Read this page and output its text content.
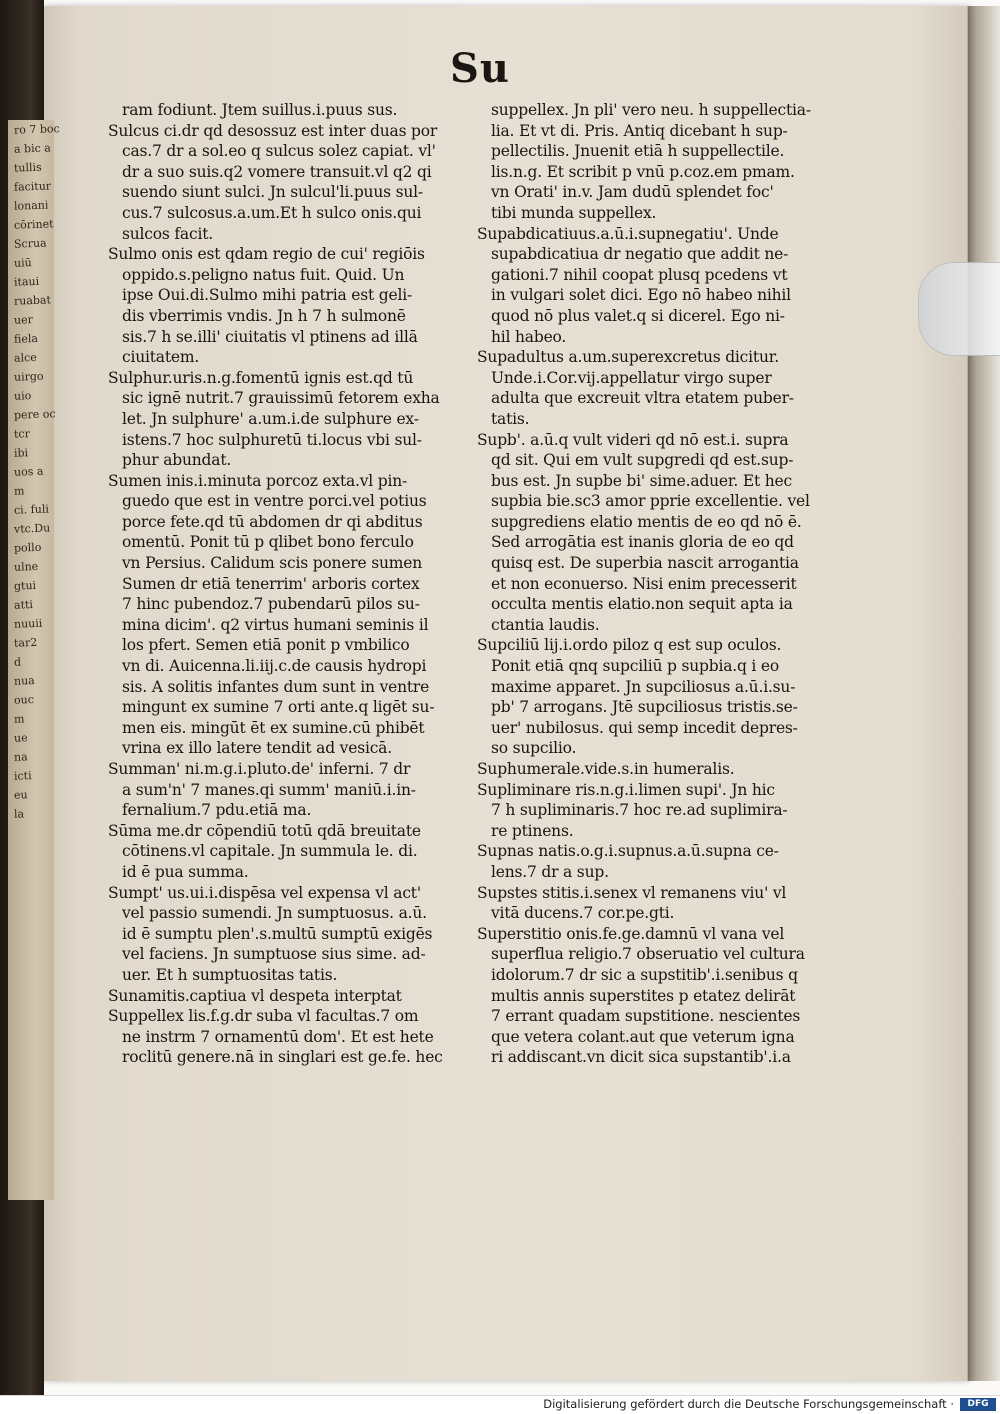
ro 7 boc
a bic a
tullis
facitur
lonani
cōrinet
Scrua
uiū
itaui
ruabat
uer
fiela
alce
uirgo
uio
pere oc
tcr
ibi
uos a
m
ci. fuli
vtc.Du
pollo
ulne
gtui
atti
nuuii
tar2
d
nua
ouc
m
ue
na
icti
eu
la
Su
ram fodiunt. Jtem suillus.i.puus sus.
Sulcus ci.dr qd desossuz est inter duas por
cas.7 dr a sol.eo q sulcus solez capiat. vl'
dr a suo suis.q2 vomere transuit.vl q2 qi
suendo siunt sulci. Jn sulcul'li.puus sul-
cus.7 sulcosus.a.um.Et h sulco onis.qui
sulcos facit.
Sulmo onis est qdam regio de cui' regiōis
oppido.s.peligno natus fuit. Quid. Un
ipse Oui.di.Sulmo mihi patria est geli-
dis vberrimis vndis. Jn h 7 h sulmonē
sis.7 h se.illi' ciuitatis vl ptinens ad illā
ciuitatem.
Sulphur.uris.n.g.fomentū ignis est.qd tū
sic ignē nutrit.7 grauissimū fetorem exha
let. Jn sulphure' a.um.i.de sulphure ex-
istens.7 hoc sulphuretū ti.locus vbi sul-
phur abundat.
Sumen inis.i.minuta porcoz exta.vl pin-
guedo que est in ventre porci.vel potius
porce fete.qd tū abdomen dr qi abditus
omentū. Ponit tū p qlibet bono ferculo
vn Persius. Calidum scis ponere sumen
Sumen dr etiā tenerrim' arboris cortex
7 hinc pubendoz.7 pubendarū pilos su-
mina dicim'. q2 virtus humani seminis il
los pfert. Semen etiā ponit p vmbilico
vn di. Auicenna.li.iij.c.de causis hydropi
sis. A solitis infantes dum sunt in ventre
mingunt ex sumine 7 orti ante.q ligēt su-
men eis. mingūt ēt ex sumine.cū phibēt
vrina ex illo latere tendit ad vesicā.
Summan' ni.m.g.i.pluto.de' inferni. 7 dr
a sum'n' 7 manes.qi summ' maniū.i.in-
fernalium.7 pdu.etiā ma.
Sūma me.dr cōpendiū totū qdā breuitate
cōtinens.vl capitale. Jn summula le. di.
id ē pua summa.
Sumpt' us.ui.i.dispēsa vel expensa vl act'
vel passio sumendi. Jn sumptuosus. a.ū.
id ē sumptu plen'.s.multū sumptū exigēs
vel faciens. Jn sumptuose sius sime. ad-
uer. Et h sumptuositas tatis.
Sunamitis.captiua vl despeta interptat
Suppellex lis.f.g.dr suba vl facultas.7 om
ne instrm 7 ornamentū dom'. Et est hete
roclitū genere.nā in singlari est ge.fe. hec
suppellex. Jn pli' vero neu. h suppellectia-
lia. Et vt di. Pris. Antiq dicebant h sup-
pellectilis. Jnuenit etiā h suppellectile.
lis.n.g. Et scribit p vnū p.coz.em pmam.
vn Orati' in.v. Jam dudū splendet foc'
tibi munda suppellex.
Supabdicatiuus.a.ū.i.supnegatiu'. Unde
supabdicatiua dr negatio que addit ne-
gationi.7 nihil coopat plusq pcedens vt
in vulgari solet dici. Ego nō habeo nihil
quod nō plus valet.q si dicerel. Ego ni-
hil habeo.
Supadultus a.um.superexcretus dicitur.
Unde.i.Cor.vij.appellatur virgo super
adulta que excreuit vltra etatem puber-
tatis.
Supb'. a.ū.q vult videri qd nō est.i. supra
qd sit. Qui em vult supgredi qd est.sup-
bus est. Jn supbe bi' sime.aduer. Et hec
supbia bie.sc3 amor pprie excellentie. vel
supgrediens elatio mentis de eo qd nō ē.
Sed arrogātia est inanis gloria de eo qd
quisq est. De superbia nascit arrogantia
et non econuerso. Nisi enim precesserit
occulta mentis elatio.non sequit apta ia
ctantia laudis.
Supciliū lij.i.ordo piloz q est sup oculos.
Ponit etiā qnq supciliū p supbia.q i eo
maxime apparet. Jn supciliosus a.ū.i.su-
pb' 7 arrogans. Jtē supciliosus tristis.se-
uer' nubilosus. qui semp incedit depres-
so supcilio.
Suphumerale.vide.s.in humeralis.
Supliminare ris.n.g.i.limen supi'. Jn hic
7 h supliminaris.7 hoc re.ad suplimira-
re ptinens.
Supnas natis.o.g.i.supnus.a.ū.supna ce-
lens.7 dr a sup.
Supstes stitis.i.senex vl remanens viu' vl
vitā ducens.7 cor.pe.gti.
Superstitio onis.fe.ge.damnū vl vana vel
superflua religio.7 obseruatio vel cultura
idolorum.7 dr sic a supstitib'.i.senibus q
multis annis superstites p etatez delirāt
7 errant quadam supstitione. nescientes
que vetera colant.aut que veterum igna
ri addiscant.vn dicit sica supstantib'.i.a
Digitalisierung gefördert durch die Deutsche Forschungsgemeinschaft ·	DFG
